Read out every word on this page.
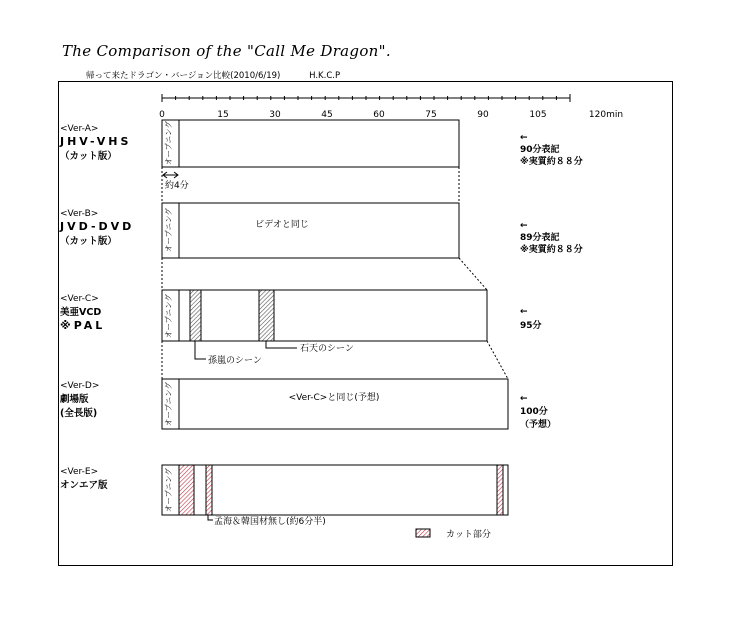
The Comparison of the "Call Me Dragon".
帰って来たドラゴン・バージョン比較(2010/6/19)	H.K.C.P
0	15	30	45	60	75	90	105	120min
<Ver-A>
JHV-VHS
（カット版）	オープニング	←
90分表記
※実質約８８分
約4分
<Ver-B>
JVD-DVD
（カット版）	オープニング	ビデオと同じ	←
89分表記
※実質約８８分
<Ver-C>
美亜VCD
※PAL	オープニング	←
95分
石天のシーン
孫嵐のシーン
<Ver-D>
劇場版
(全長版)	オープニング	<Ver-C>と同じ(予想)	←
100分
（予想）
<Ver-E>
オンエア版	オープニング
孟海＆韓国材無し(約6分半)
カット部分
